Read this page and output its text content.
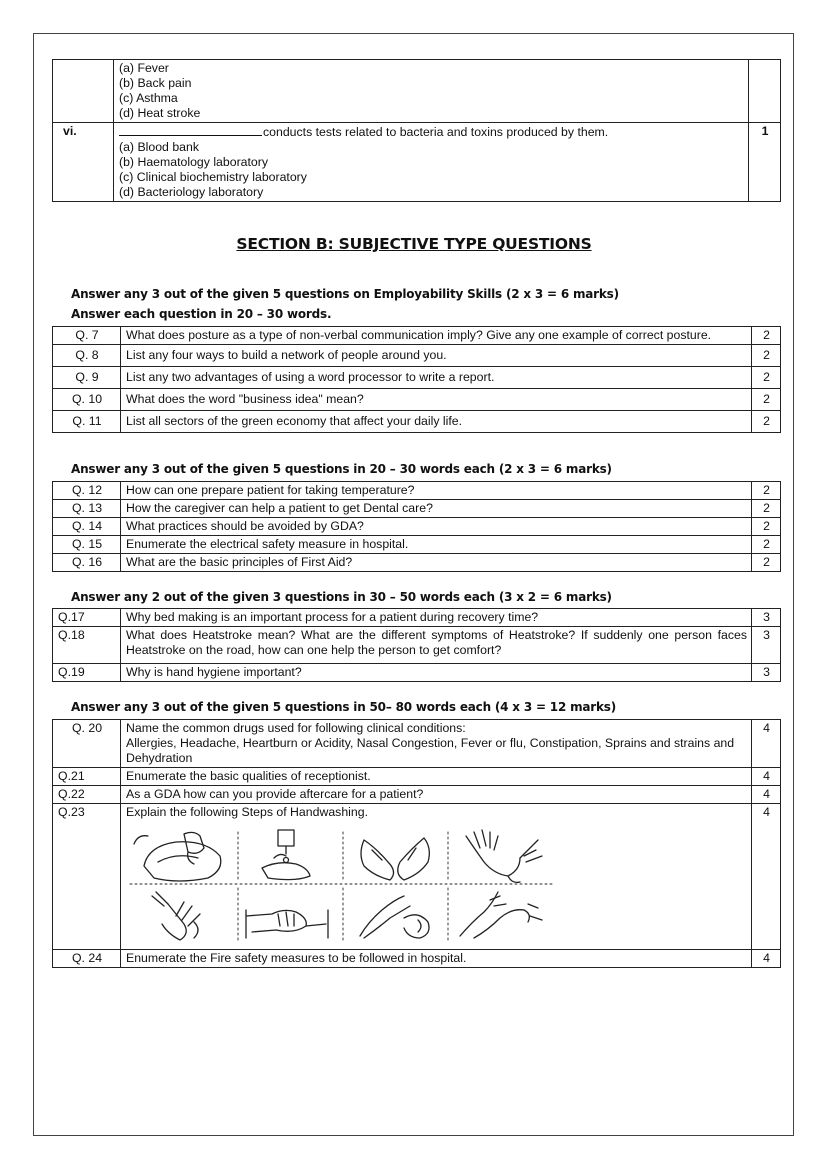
	(a) Fever
(b) Back pain
(c) Asthma
(d) Heat stroke	

vi.	conducts tests related to bacteria and toxins produced by them.
(a) Blood bank
(b) Haematology laboratory
(c) Clinical biochemistry laboratory
(d) Bacteriology laboratory	1
SECTION B: SUBJECTIVE TYPE QUESTIONS
Answer any 3 out of the given 5 questions on Employability Skills (2 x 3 = 6 marks)
Answer each question in 20 – 30 words.
Q. 7	What does posture as a type of non-verbal communication imply? Give any one example of correct posture.	2
Q. 8	List any four ways to build a network of people around you.	2
Q. 9	List any two advantages of using a word processor to write a report.	2
Q. 10	What does the word "business idea" mean?	2
Q. 11	List all sectors of the green economy that affect your daily life.	2
Answer any 3 out of the given 5 questions in 20 – 30 words each (2 x 3 = 6 marks)
Q. 12	How can one prepare patient for taking temperature?	2
Q. 13	How the caregiver can help a patient to get Dental care?	2
Q. 14	What practices should be avoided by GDA?	2
Q. 15	Enumerate the electrical safety measure in hospital.	2
Q. 16	What are the basic principles of First Aid?	2
Answer any 2 out of the given 3 questions in 30 – 50 words each (3 x 2 = 6 marks)
Q.17	Why bed making is an important process for a patient during recovery time?	3
Q.18	What does Heatstroke mean? What are the different symptoms of Heatstroke? If suddenly one person faces Heatstroke on the road, how can one help the person to get comfort?	3
Q.19	Why is hand hygiene important?	3
Answer any 3 out of the given 5 questions in 50– 80 words each (4 x 3 = 12 marks)
Q. 20	Name the common drugs used for following clinical conditions:
Allergies, Headache, Heartburn or Acidity, Nasal Congestion, Fever or flu, Constipation, Sprains and strains and Dehydration	4
Q.21	Enumerate the basic qualities of receptionist.	4
Q.22	As a GDA how can you provide aftercare for a patient?	4
Q.23	Explain the following Steps of Handwashing.	4
Q. 24	Enumerate the Fire safety measures to be followed in hospital.	4
